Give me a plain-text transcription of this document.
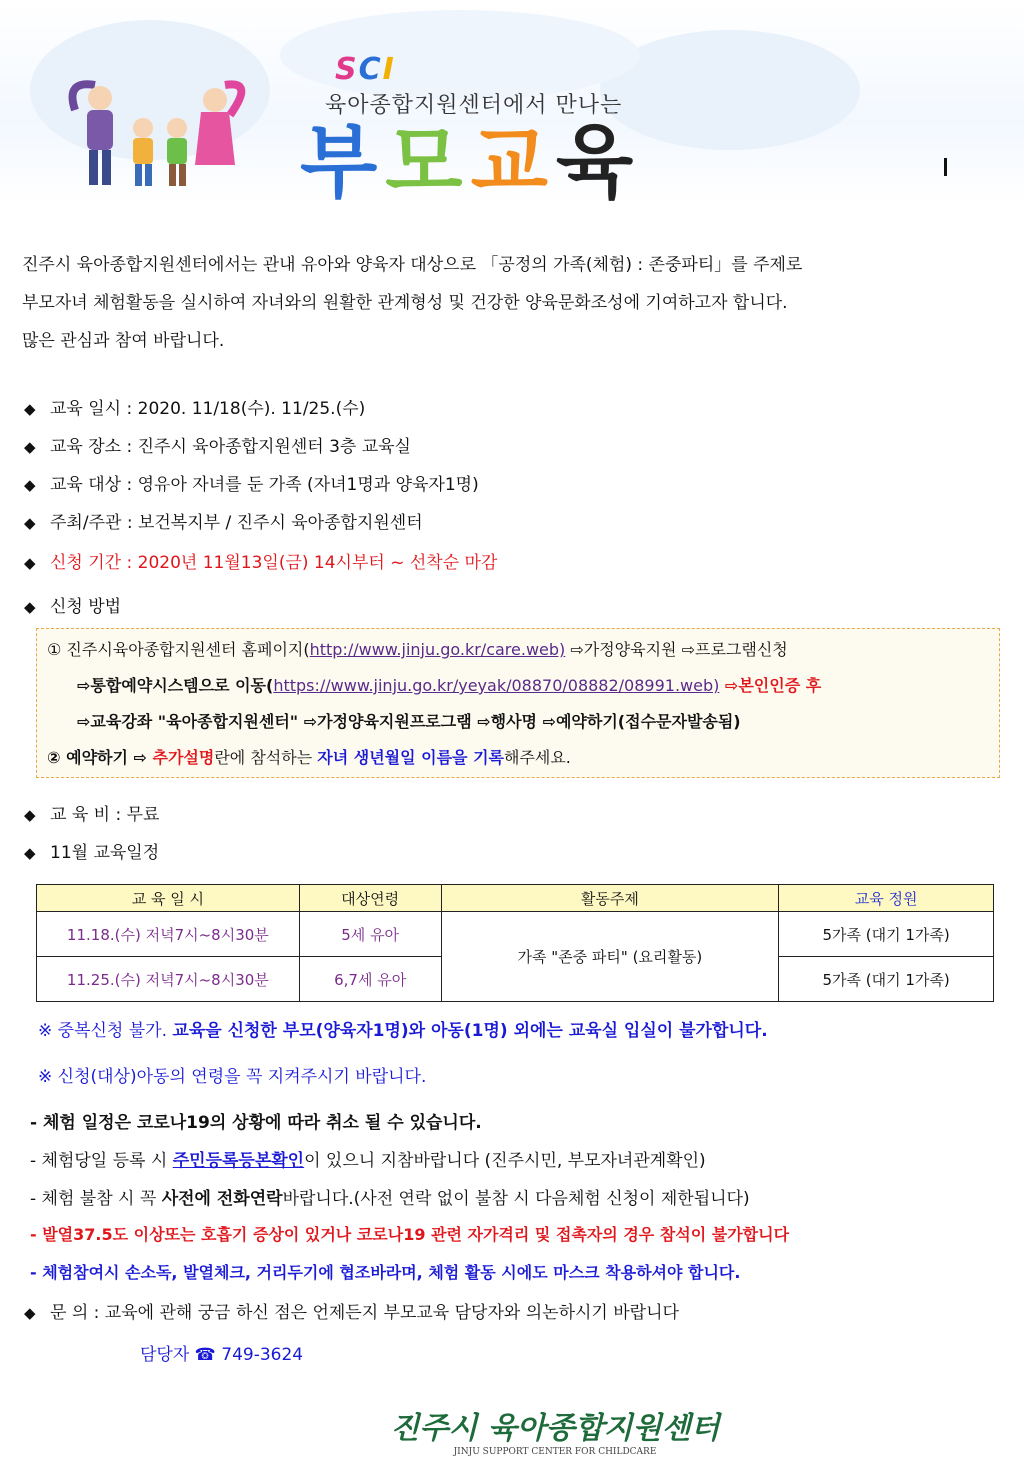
SCI
육아종합지원센터에서 만나는
부모교육
진주시 육아종합지원센터에서는 관내 유아와 양육자 대상으로 「공정의 가족(체험) : 존중파티」를 주제로
부모자녀 체험활동을 실시하여 자녀와의 원활한 관계형성 및 건강한 양육문화조성에 기여하고자 합니다.
많은 관심과 참여 바랍니다.
◆ 교육 일시 : 2020. 11/18(수). 11/25.(수)
◆ 교육 장소 : 진주시 육아종합지원센터 3층 교육실
◆ 교육 대상 : 영유아 자녀를 둔 가족 (자녀1명과 양육자1명)
◆ 주최/주관 : 보건복지부 / 진주시 육아종합지원센터
◆ 신청 기간 : 2020년 11월13일(금) 14시부터 ~ 선착순 마감
◆ 신청 방법
① 진주시육아종합지원센터 홈페이지(http://www.jinju.go.kr/care.web) ⇨가정양육지원 ⇨프로그램신청
⇨통합예약시스템으로 이동(https://www.jinju.go.kr/yeyak/08870/08882/08991.web) ⇨본인인증 후
⇨교육강좌 "육아종합지원센터" ⇨가정양육지원프로그램 ⇨행사명 ⇨예약하기(접수문자발송됨)
② 예약하기 ⇨ 추가설명란에 참석하는 자녀 생년월일 이름을 기록해주세요.
◆ 교 육 비 : 무료
◆ 11월 교육일정
교 육 일 시	대상연령	활동주제	교육 정원
11.18.(수) 저녁7시~8시30분	5세 유아	가족 "존중 파티" (요리활동)	5가족 (대기 1가족)
11.25.(수) 저녁7시~8시30분	6,7세 유아		5가족 (대기 1가족)
※ 중복신청 불가. 교육을 신청한 부모(양육자1명)와 아동(1명) 외에는 교육실 입실이 불가합니다.
※ 신청(대상)아동의 연령을 꼭 지켜주시기 바랍니다.
- 체험 일정은 코로나19의 상황에 따라 취소 될 수 있습니다.
- 체험당일 등록 시 주민등록등본확인이 있으니 지참바랍니다 (진주시민, 부모자녀관계확인)
- 체험 불참 시 꼭 사전에 전화연락바랍니다.(사전 연락 없이 불참 시 다음체험 신청이 제한됩니다)
- 발열37.5도 이상또는 호흡기 증상이 있거나 코로나19 관련 자가격리 및 접촉자의 경우 참석이 불가합니다
- 체험참여시 손소독, 발열체크, 거리두기에 협조바라며, 체험 활동 시에도 마스크 착용하셔야 합니다.
◆ 문 의 : 교육에 관해 궁금 하신 점은 언제든지 부모교육 담당자와 의논하시기 바랍니다
담당자 ☎ 749-3624
진주시 육아종합지원센터
JINJU SUPPORT CENTER FOR CHILDCARE
